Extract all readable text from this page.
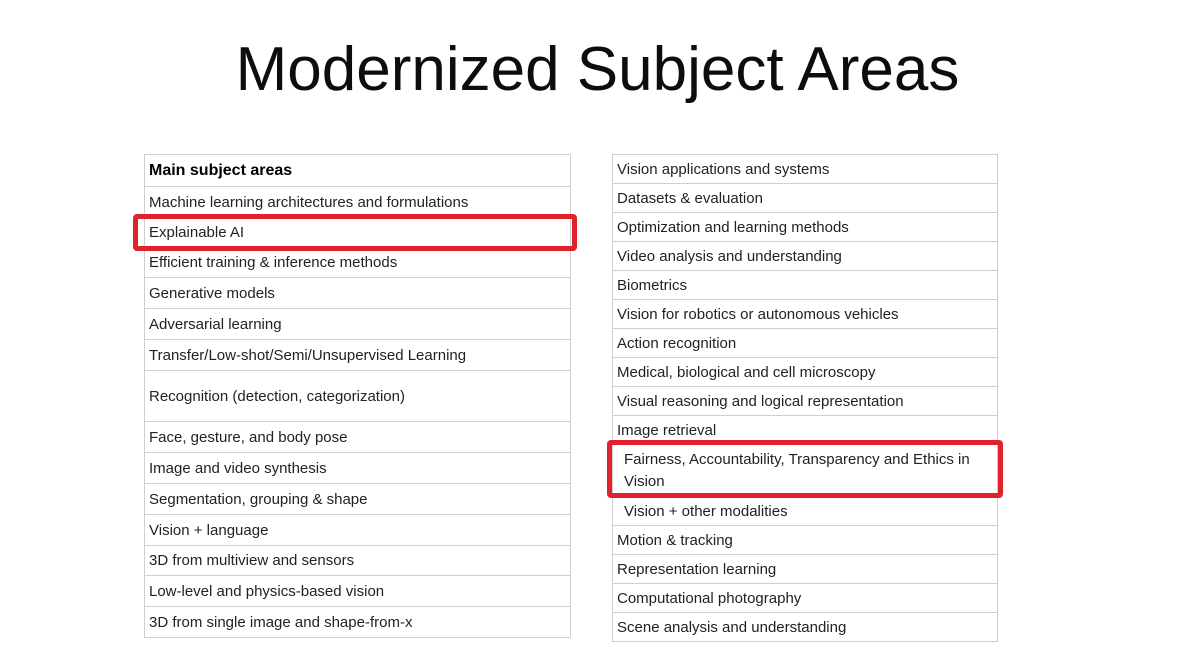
Modernized Subject Areas
Main subject areas
Machine learning architectures and formulations
Explainable AI
Efficient training & inference methods
Generative models
Adversarial learning
Transfer/Low-shot/Semi/Unsupervised Learning
Recognition (detection, categorization)
Face, gesture, and body pose
Image and video synthesis
Segmentation, grouping & shape
Vision + language
3D from multiview and sensors
Low-level and physics-based vision
3D from single image and shape-from-x
Vision applications and systems
Datasets & evaluation
Optimization and learning methods
Video analysis and understanding
Biometrics
Vision for robotics or autonomous vehicles
Action recognition
Medical, biological and cell microscopy
Visual reasoning and logical representation
Image retrieval
Fairness, Accountability, Transparency and Ethics in Vision
Vision + other modalities
Motion & tracking
Representation learning
Computational photography
Scene analysis and understanding
